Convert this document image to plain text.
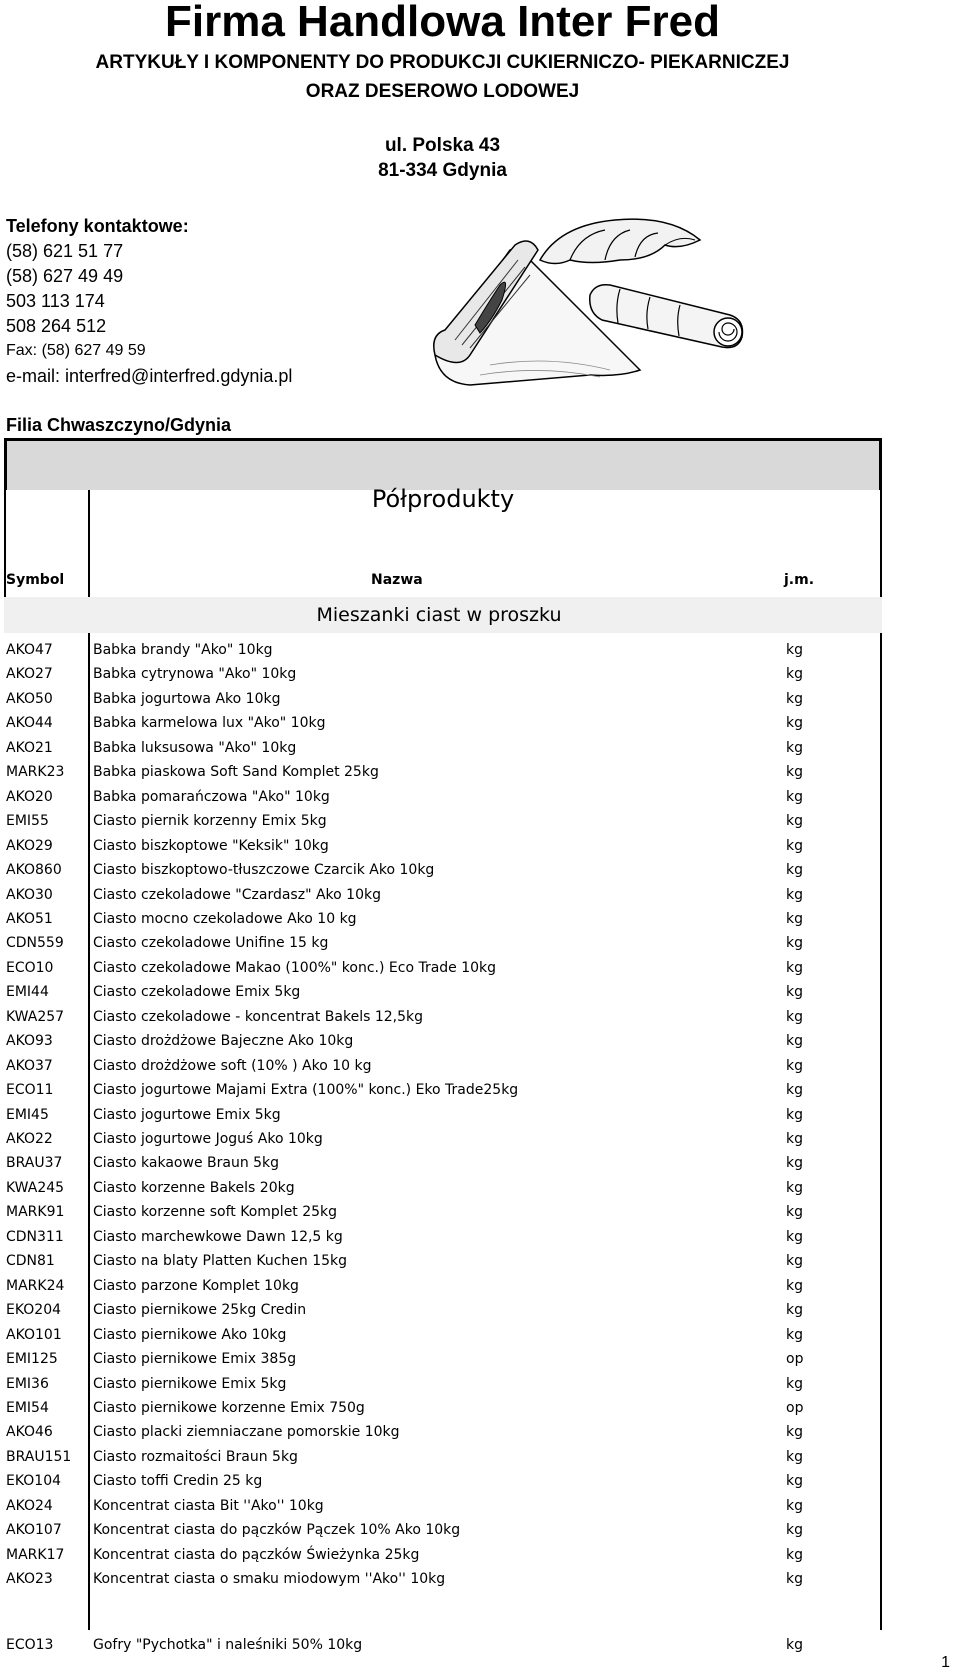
Firma Handlowa Inter Fred
ARTYKUŁY I KOMPONENTY DO PRODUKCJI CUKIERNICZO- PIEKARNICZEJ
ORAZ DESEROWO LODOWEJ
ul. Polska 43
81-334 Gdynia
Telefony kontaktowe:
(58) 621 51 77
(58) 627 49 49
503 113 174
508 264 512
Fax: (58) 627 49 59
e-mail: interfred@interfred.gdynia.pl
Filia Chwaszczyno/Gdynia
Półprodukty
Symbol	Nazwa	j.m.
Mieszanki ciast w proszku
AKO47	Babka brandy "Ako" 10kg	kg
AKO27	Babka cytrynowa "Ako" 10kg	kg
AKO50	Babka jogurtowa Ako 10kg	kg
AKO44	Babka karmelowa lux "Ako" 10kg	kg
AKO21	Babka luksusowa "Ako" 10kg	kg
MARK23 Babka piaskowa Soft Sand Komplet 25kg	kg
AKO20	Babka pomarańczowa "Ako" 10kg	kg
EMI55	Ciasto piernik korzenny Emix 5kg	kg
AKO29	Ciasto biszkoptowe "Keksik" 10kg	kg
AKO860 Ciasto biszkoptowo-tłuszczowe Czarcik Ako 10kg	kg
AKO30	Ciasto czekoladowe "Czardasz" Ako 10kg	kg
AKO51	Ciasto mocno czekoladowe Ako 10 kg	kg
CDN559 Ciasto czekoladowe Unifine 15 kg	kg
ECO10	Ciasto czekoladowe Makao (100%" konc.) Eco Trade 10kg	kg
EMI44	Ciasto czekoladowe Emix 5kg	kg
KWA257 Ciasto czekoladowe - koncentrat Bakels 12,5kg	kg
AKO93	Ciasto drożdżowe Bajeczne Ako 10kg	kg
AKO37	Ciasto drożdżowe soft (10% ) Ako 10 kg	kg
ECO11	Ciasto jogurtowe Majami Extra (100%" konc.) Eko Trade25kg	kg
EMI45	Ciasto jogurtowe Emix 5kg	kg
AKO22	Ciasto jogurtowe Joguś Ako 10kg	kg
BRAU37 Ciasto kakaowe Braun 5kg	kg
KWA245 Ciasto korzenne Bakels 20kg	kg
MARK91 Ciasto korzenne soft Komplet 25kg	kg
CDN311 Ciasto marchewkowe Dawn 12,5 kg	kg
CDN81	Ciasto na blaty Platten Kuchen 15kg	kg
MARK24 Ciasto parzone Komplet 10kg	kg
EKO204 Ciasto piernikowe 25kg Credin	kg
AKO101 Ciasto piernikowe Ako 10kg	kg
EMI125	Ciasto piernikowe Emix 385g	op
EMI36	Ciasto piernikowe Emix 5kg	kg
EMI54	Ciasto piernikowe korzenne Emix 750g	op
AKO46	Ciasto placki ziemniaczane pomorskie 10kg	kg
BRAU151 Ciasto rozmaitości Braun 5kg	kg
EKO104 Ciasto toffi Credin 25 kg	kg
AKO24	Koncentrat ciasta Bit ''Ako'' 10kg	kg
AKO107 Koncentrat ciasta do pączków Pączek 10% Ako 10kg	kg
MARK17 Koncentrat ciasta do pączków Świeżynka 25kg	kg
AKO23	Koncentrat ciasta o smaku miodowym ''Ako'' 10kg	kg
ECO13	Gofry "Pychotka" i naleśniki 50% 10kg	kg
1
